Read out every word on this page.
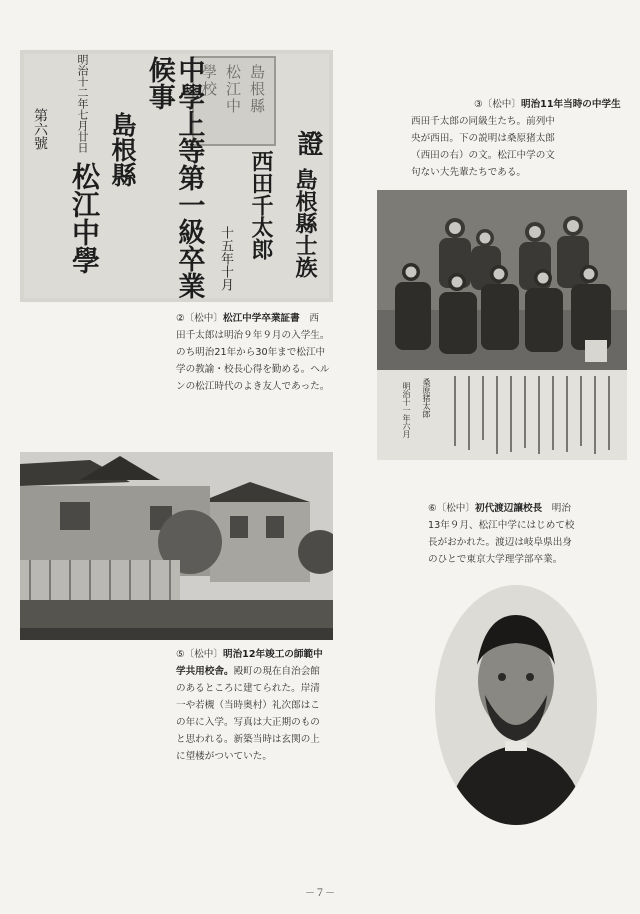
島根縣
松江中
學校
證
島根縣士族
西田千太郎
十五年十月
中學上等第一級卒業候事
島根縣
松江中學
明治十二年七月廿日
第六號
②〔松中〕松江中学卒業証書　 西
田千太郎は明治９年９月の入学生。
のち明治21年から30年まで松江中
学の教諭・校長心得を勤める。ヘル
ンの松江時代のよき友人であった。
③〔松中〕明治11年当時の中学生
西田千太郎の同級生たち。前列中
央が西田。下の説明は桑原猪太郎
（西田の右）の文。松江中学の文
句ない大先輩たちである。
桑原猪太郎
明治十一年六月
⑤〔松中〕明治12年竣工の師範中
学共用校舎。殿町の現在自治会館
のあるところに建てられた。岸清
一や若槻（当時奥村）礼次郎はこ
の年に入学。写真は大正期のもの
と思われる。新築当時は玄関の上
に望楼がついていた。
⑥〔松中〕初代渡辺譲校長　 明治
13年９月、松江中学にはじめて校
長がおかれた。渡辺は岐阜県出身
のひとで東京大学理学部卒業。
－７－
